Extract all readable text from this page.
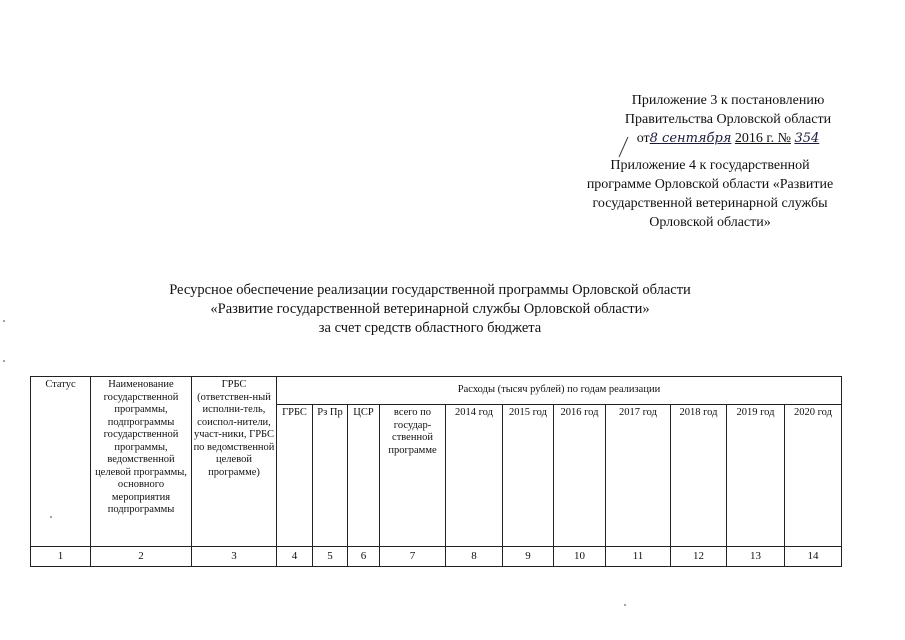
Приложение 3 к постановлению
Правительства Орловской области
от8 сентября 2016 г. № 354
Приложение 4 к государственной
программе Орловской области «Развитие
государственной ветеринарной службы
Орловской области»
Ресурсное обеспечение реализации государственной программы Орловской области
«Развитие государственной ветеринарной службы Орловской области»
за счет средств областного бюджета
Статус	Наименование государственной программы, подпрограммы государственной программы, ведомственной целевой программы, основного мероприятия подпрограммы	ГРБС (ответствен-ный исполни-тель, соиспол-нители, участ-ники, ГРБС по ведомственной целевой программе)	Расходы (тысяч рублей) по годам реализации										
			ГРБС	Рз Пр	ЦСР	всего по государ-ственной программе	2014 год	2015 год	2016 год	2017 год	2018 год	2019 год	2020 год
1	2	3	4	5	6	7	8	9	10	11	12	13	14
